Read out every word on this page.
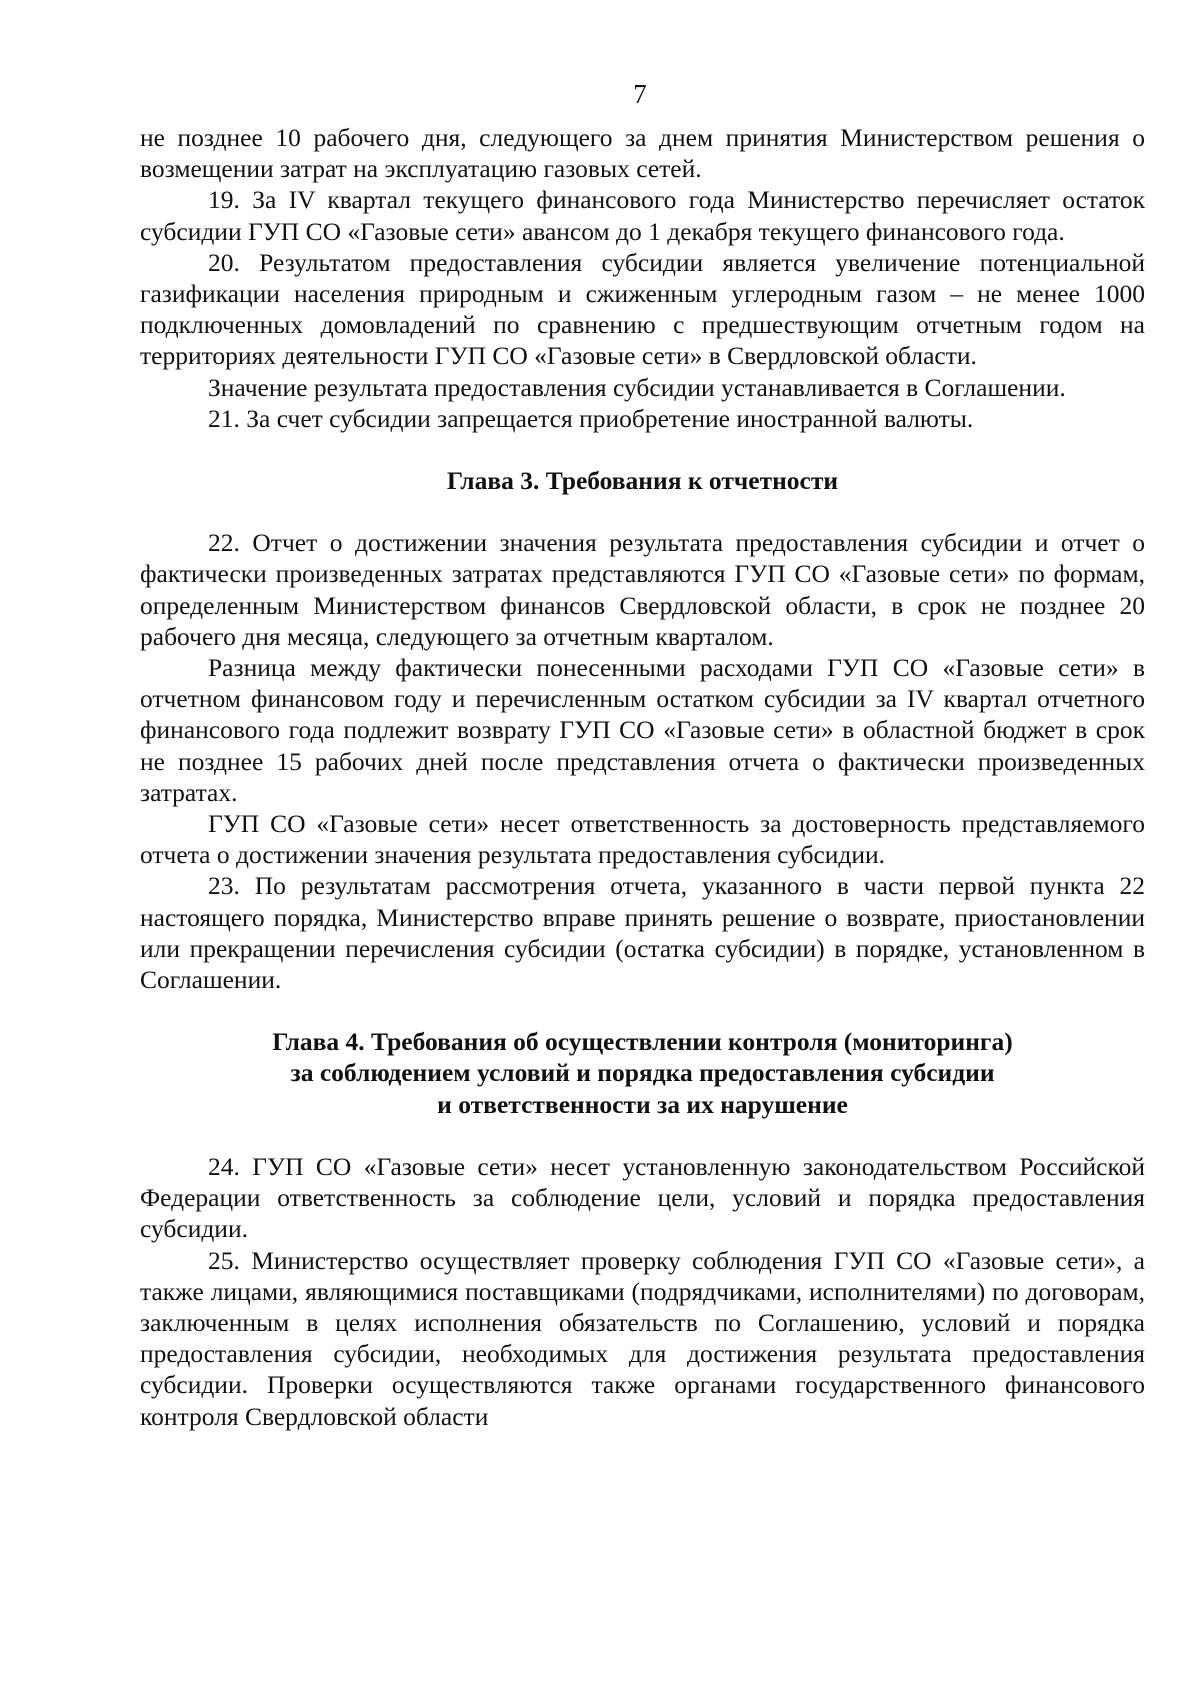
7

не позднее 10 рабочего дня, следующего за днем принятия Министерством решения о возмещении затрат на эксплуатацию газовых сетей.

19. За IV квартал текущего финансового года Министерство перечисляет остаток субсидии ГУП СО «Газовые сети» авансом до 1 декабря текущего финансового года.

20. Результатом предоставления субсидии является увеличение потенциальной газификации населения природным и сжиженным углеродным газом – не менее 1000 подключенных домовладений по сравнению с предшествующим отчетным годом на территориях деятельности ГУП СО «Газовые сети» в Свердловской области.

Значение результата предоставления субсидии устанавливается в Соглашении.

21. За счет субсидии запрещается приобретение иностранной валюты.

Глава 3. Требования к отчетности

22. Отчет о достижении значения результата предоставления субсидии и отчет о фактически произведенных затратах представляются ГУП СО «Газовые сети» по формам, определенным Министерством финансов Свердловской области, в срок не позднее 20 рабочего дня месяца, следующего за отчетным кварталом.

Разница между фактически понесенными расходами ГУП СО «Газовые сети» в отчетном финансовом году и перечисленным остатком субсидии за IV квартал отчетного финансового года подлежит возврату ГУП СО «Газовые сети» в областной бюджет в срок не позднее 15 рабочих дней после представления отчета о фактически произведенных затратах.

ГУП СО «Газовые сети» несет ответственность за достоверность представляемого отчета о достижении значения результата предоставления субсидии.

23. По результатам рассмотрения отчета, указанного в части первой пункта 22 настоящего порядка, Министерство вправе принять решение о возврате, приостановлении или прекращении перечисления субсидии (остатка субсидии) в порядке, установленном в Соглашении.

Глава 4. Требования об осуществлении контроля (мониторинга)
за соблюдением условий и порядка предоставления субсидии
и ответственности за их нарушение

24. ГУП СО «Газовые сети» несет установленную законодательством Российской Федерации ответственность за соблюдение цели, условий и порядка предоставления субсидии.

25. Министерство осуществляет проверку соблюдения ГУП СО «Газовые сети», а также лицами, являющимися поставщиками (подрядчиками, исполнителями) по договорам, заключенным в целях исполнения обязательств по Соглашению, условий и порядка предоставления субсидии, необходимых для достижения результата предоставления субсидии. Проверки осуществляются также органами государственного финансового контроля Свердловской области
